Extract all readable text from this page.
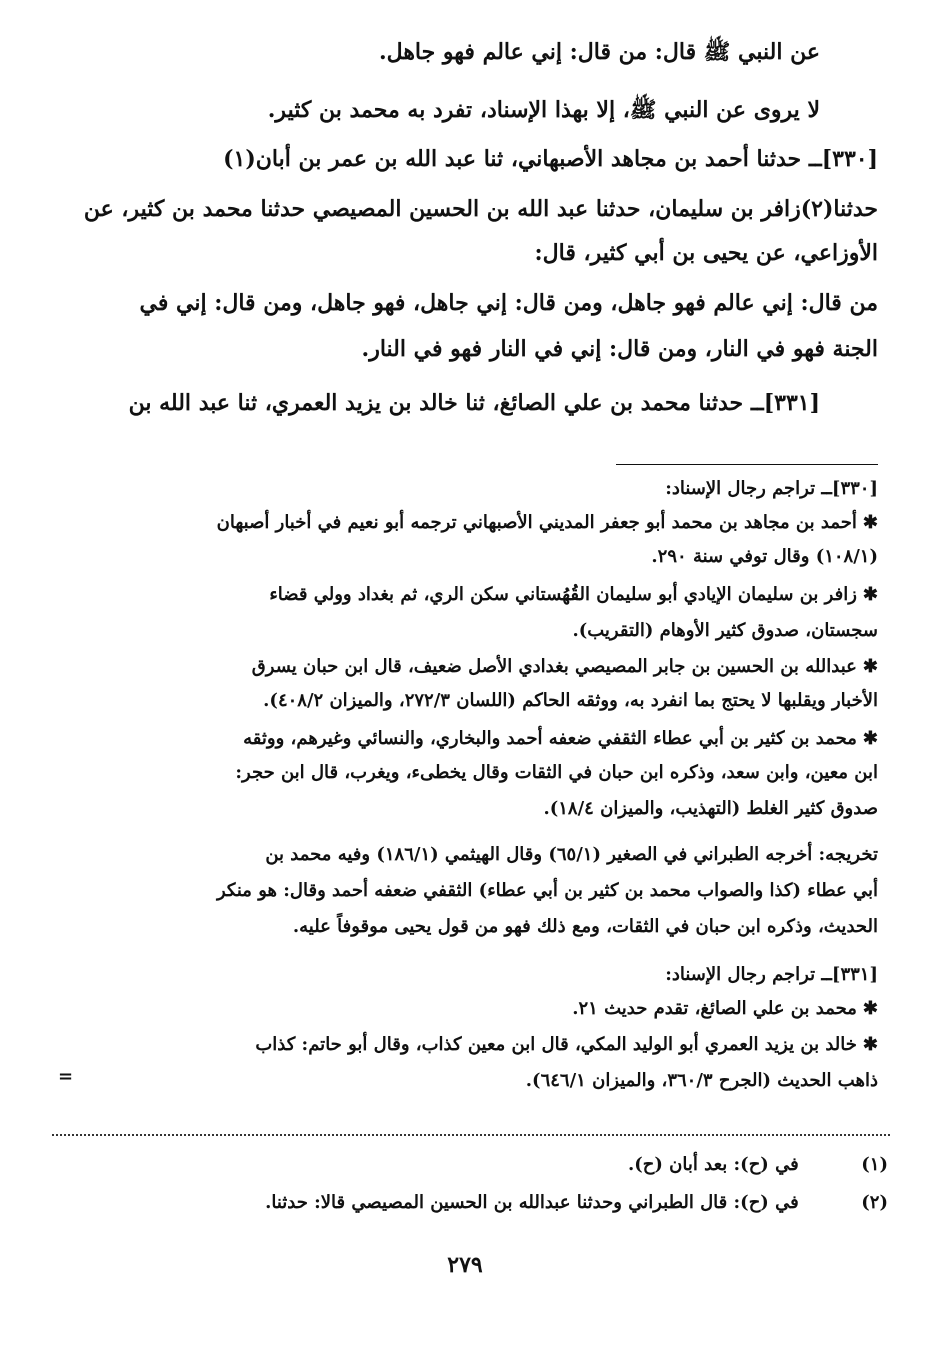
عن النبي ﷺ قال: من قال: إني عالم فهو جاهل.
لا يروى عن النبي ﷺ، إلا بهذا الإسناد، تفرد به محمد بن كثير.
[٣٣٠]ــ حدثنا أحمد بن مجاهد الأصبهاني، ثنا عبد الله بن عمر بن أبان(١)
حدثنا(٢)زافر بن سليمان، حدثنا عبد الله بن الحسين المصيصي حدثنا محمد بن كثير، عن
الأوزاعي، عن يحيى بن أبي كثير، قال:
من قال: إني عالم فهو جاهل، ومن قال: إني جاهل، فهو جاهل، ومن قال: إني في
الجنة فهو في النار، ومن قال: إني في النار فهو في النار.
[٣٣١]ــ حدثنا محمد بن علي الصائغ، ثنا خالد بن يزيد العمري، ثنا عبد الله بن
[٣٣٠]ــ تراجم رجال الإسناد:
✱أحمد بن مجاهد بن محمد أبو جعفر المديني الأصبهاني ترجمه أبو نعيم في أخبار أصبهان
(١٠٨/١) وقال توفي سنة ٢٩٠.
✱زافر بن سليمان الإيادي أبو سليمان القُهُستاني سكن الري، ثم بغداد وولي قضاء
سجستان، صدوق كثير الأوهام (التقريب).
✱عبدالله بن الحسين بن جابر المصيصي بغدادي الأصل ضعيف، قال ابن حبان يسرق
الأخبار ويقلبها لا يحتج بما انفرد به، ووثقه الحاكم (اللسان ٢٧٢/٣، والميزان ٤٠٨/٢).
✱محمد بن كثير بن أبي عطاء الثقفي ضعفه أحمد والبخاري، والنسائي وغيرهم، ووثقه
ابن معين، وابن سعد، وذكره ابن حبان في الثقات وقال يخطىء، ويغرب، قال ابن حجر:
صدوق كثير الغلط (التهذيب، والميزان ١٨/٤).
تخريجه: أخرجه الطبراني في الصغير (٦٥/١) وقال الهيثمي (١٨٦/١) وفيه محمد بن
أبي عطاء (كذا والصواب محمد بن كثير بن أبي عطاء) الثقفي ضعفه أحمد وقال: هو منكر
الحديث، وذكره ابن حبان في الثقات، ومع ذلك فهو من قول يحيى موقوفاً عليه.
[٣٣١]ــ تراجم رجال الإسناد:
✱محمد بن علي الصائغ، تقدم حديث ٢١.
✱خالد بن يزيد العمري أبو الوليد المكي، قال ابن معين كذاب، وقال أبو حاتم: كذاب
ذاهب الحديث (الجرح ٣٦٠/٣، والميزان ٦٤٦/١).
=
(١)  في (ح): بعد أبان (ح).
(٢)  في (ح): قال الطبراني وحدثنا عبدالله بن الحسين المصيصي قالا: حدثنا.
٢٧٩
